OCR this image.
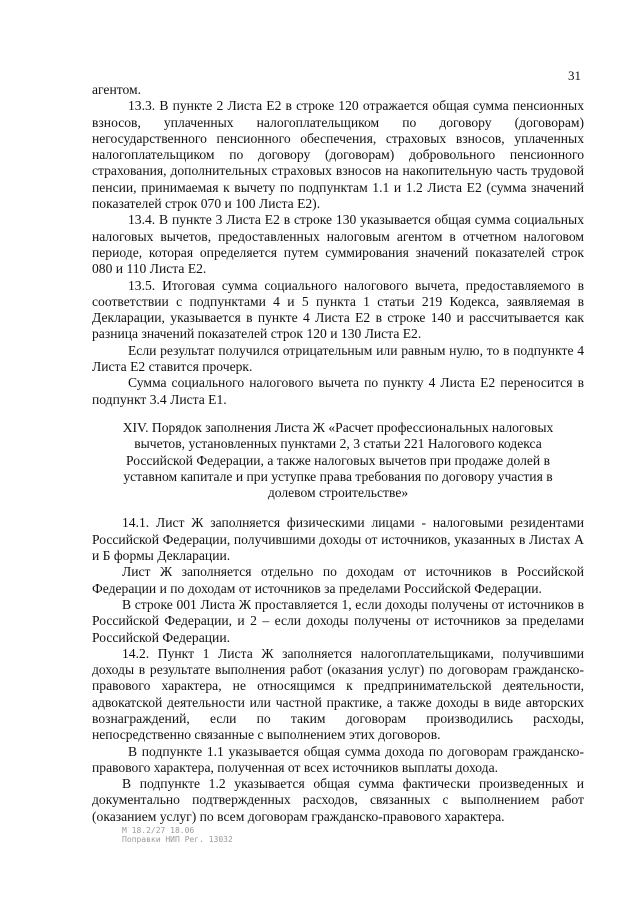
31

агентом.

13.3. В пункте 2 Листа Е2 в строке 120 отражается общая сумма пенсионных взносов, уплаченных налогоплательщиком по договору (договорам) негосударственного пенсионного обеспечения, страховых взносов, уплаченных налогоплательщиком по договору (договорам) добровольного пенсионного страхования, дополнительных страховых взносов на накопительную часть трудовой пенсии, принимаемая к вычету по подпунктам 1.1 и 1.2 Листа Е2 (сумма значений показателей строк 070 и 100 Листа Е2).

13.4. В пункте 3 Листа Е2 в строке 130 указывается общая сумма социальных налоговых вычетов, предоставленных налоговым агентом в отчетном налоговом периоде, которая определяется путем суммирования значений показателей строк 080 и 110 Листа Е2.

13.5. Итоговая сумма социального налогового вычета, предоставляемого в соответствии с подпунктами 4 и 5 пункта 1 статьи 219 Кодекса, заявляемая в Декларации, указывается в пункте 4 Листа Е2 в строке 140 и рассчитывается как разница значений показателей строк 120 и 130 Листа Е2.

Если результат получился отрицательным или равным нулю, то в подпункте 4 Листа Е2 ставится прочерк.

Сумма социального налогового вычета по пункту 4 Листа Е2 переносится в подпункт 3.4 Листа Е1.

XIV. Порядок заполнения Листа Ж «Расчет профессиональных налоговых вычетов, установленных пунктами 2, 3 статьи 221 Налогового кодекса Российской Федерации, а также налоговых вычетов при продаже долей в уставном капитале и при уступке права требования по договору участия в долевом строительстве»

14.1. Лист Ж заполняется физическими лицами - налоговыми резидентами Российской Федерации, получившими доходы от источников, указанных в Листах А и Б формы Декларации.

Лист Ж заполняется отдельно по доходам от источников в Российской Федерации и по доходам от источников за пределами Российской Федерации.

В строке 001 Листа Ж проставляется 1, если доходы получены от источников в Российской Федерации, и 2 – если доходы получены от источников за пределами Российской Федерации.

14.2. Пункт 1 Листа Ж заполняется налогоплательщиками, получившими доходы в результате выполнения работ (оказания услуг) по договорам гражданско-правового характера, не относящимся к предпринимательской деятельности, адвокатской деятельности или частной практике, а также доходы в виде авторских вознаграждений, если по таким договорам производились расходы, непосредственно связанные с выполнением этих договоров.

В подпункте 1.1 указывается общая сумма дохода по договорам гражданско-правового характера, полученная от всех источников выплаты дохода.

В подпункте 1.2 указывается общая сумма фактически произведенных и документально подтвержденных расходов, связанных с выполнением работ (оказанием услуг) по всем договорам гражданско-правового характера.

М 18.2/27 18.06
Поправки НИП Рег. 13032
